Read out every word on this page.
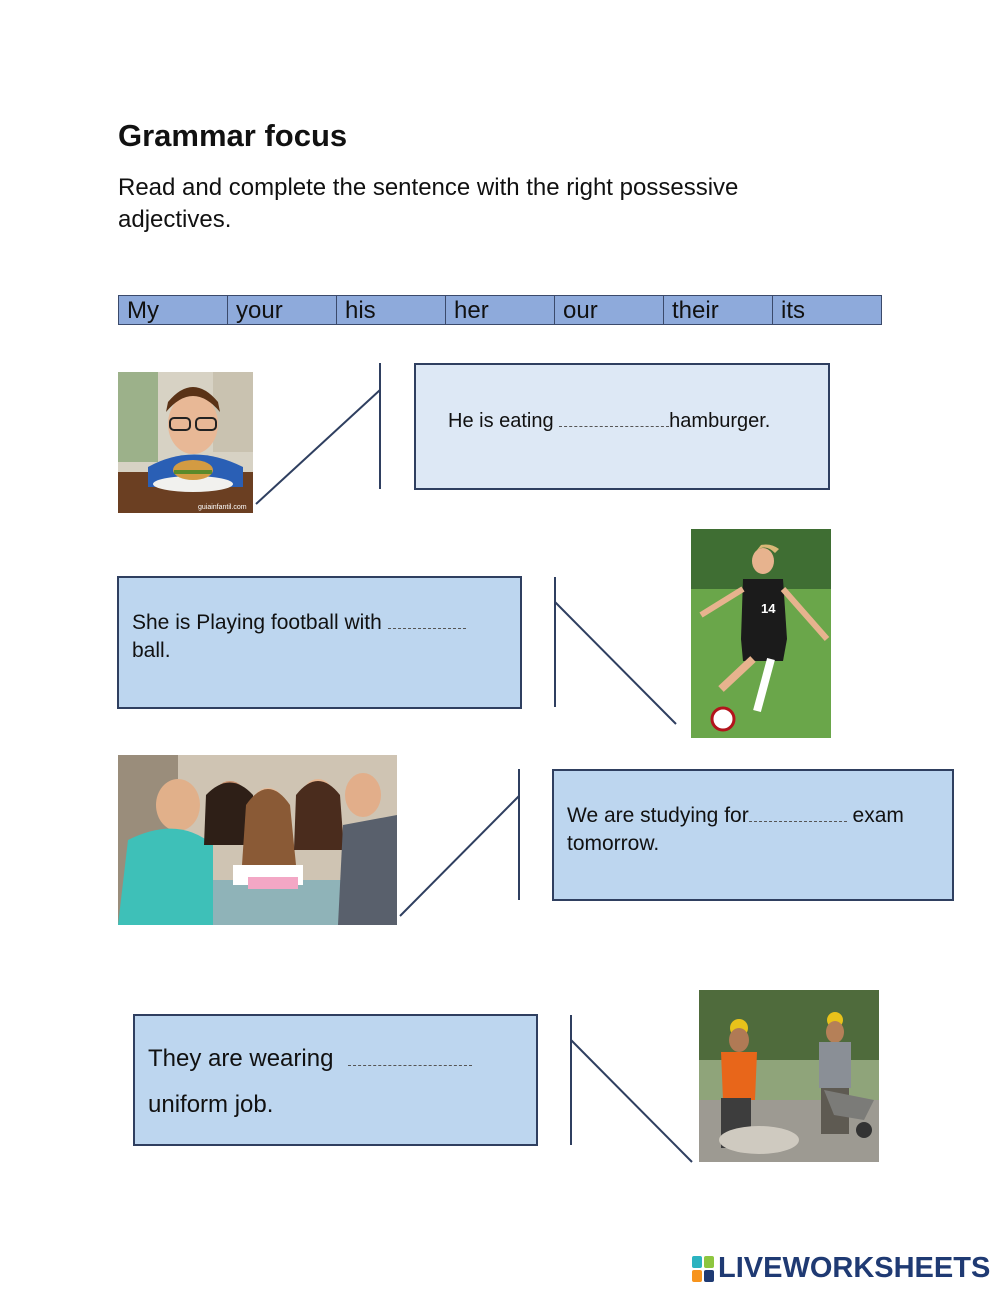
Grammar focus

Read and complete the sentence with the right possessive adjectives.

My	your	his	her	our	their	its
guiainfantil.com
He is eating	hamburger.
14
She is Playing football with  ball.
We are studying for	exam tomorrow.
They are wearing
uniform job.
LIVEWORKSHEETS
